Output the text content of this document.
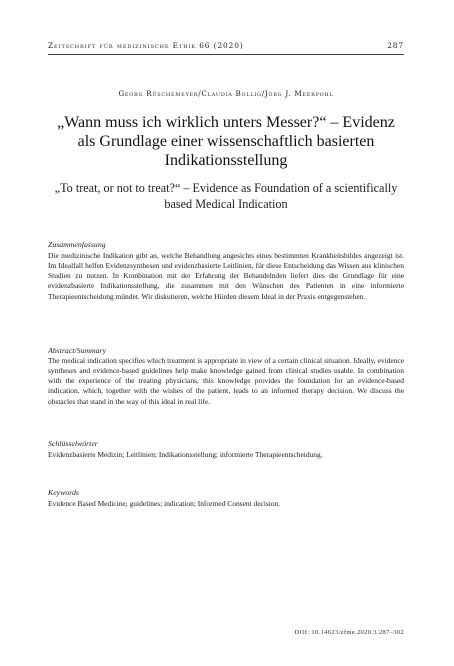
Zeitschrift für medizinische Ethik 66 (2020)	287
Georg Rüschemeyer/Claudia Bollig/Jörg J. Meerpohl
„Wann muss ich wirklich unters Messer?“ – Evidenz als Grundlage einer wissenschaftlich basierten Indikationsstellung
„To treat, or not to treat?“ – Evidence as Foundation of a scientifically based Medical Indication
Zusammenfassung

Die medizinische Indikation gibt an, welche Behandlung angesichts eines bestimmten Krankheitsbildes angezeigt ist. Im Idealfall helfen Evidenzsynthesen und evidenzbasierte Leitlinien, für diese Entscheidung das Wissen aus klinischen Studien zu nutzen. In Kombination mit der Erfahrung der Behandelnden liefert dies die Grundlage für eine evidenzbasierte Indikationsstellung, die zusammen mit den Wünschen des Patienten in eine informierte Therapieentscheidung mündet. Wir diskutieren, welche Hürden diesem Ideal in der Praxis entgegenstehen.

Abstract/Summary

The medical indication specifies which treatment is appropriate in view of a certain clinical situation. Ideally, evidence syntheses and evidence-based guidelines help make knowledge gained from clinical studies usable. In combination with the experience of the treating physicians, this knowledge provides the foundation for an evidence-based indication, which, together with the wishes of the patient, leads to an informed therapy decision. We discuss the obstacles that stand in the way of this ideal in real life.

Schlüsselwörter

Evidenzbasierte Medizin; Leitlinien; Indikationsstellung; informierte Therapieentscheidung.

Keywords

Evidence Based Medicine; guidelines; indication; Informed Consent decision.

DOI: 10.14623/zfme.2020.3.287–302
